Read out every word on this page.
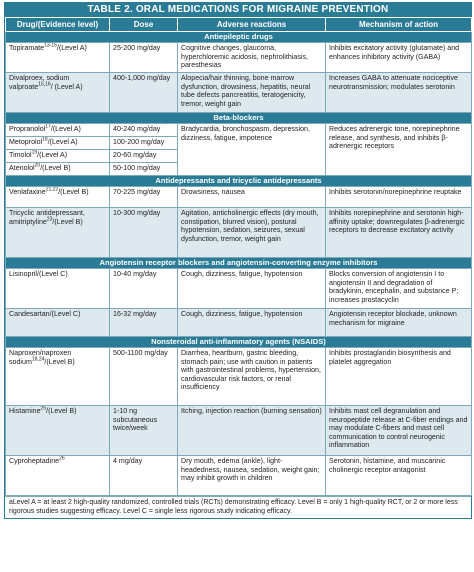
TABLE 2. ORAL MEDICATIONS FOR MIGRAINE PREVENTION
Drug/(Evidence level)	Dose	Adverse reactions	Mechanism of action
Antiepileptic drugs			
Topiramate$^{13-15}$/(Level A)	25-200 mg/day	Cognitive changes, glaucoma, hyperchloremic acidosis, nephrolithiasis, paresthesias	Inhibits excitatory activity (glutamate) and enhances inhibitory activity (GABA)
Divalproex, sodium valproate$^{15,16}$/ (Level A)	400-1,000 mg/day	Alopecia/hair thinning, bone marrow dysfunction, drowsiness, hepatitis, neural tube defects pancreatitis, teratogenicity, tremor, weight gain	Increases GABA to attenuate nociceptive neurotransmission; modulates serotonin
Beta-blockers			
Propranolol$^{17}$/(Level A)	40-240 mg/day	Bradycardia, bronchospasm, depression, dizziness, fatigue, impotence	Reduces adrenergic tone, norepinephrine release, and synthesis, and inhibits β-adrenergic receptors
Metoprolol$^{18}$/(Level A)	100-200 mg/day		
Timolol$^{19}$/(Level A)	20-60 mg/day		
Atenolol$^{20}$/(Level B)	50-100 mg/day		
Antidepressants and tricyclic antidepressants			
Venlafaxine$^{21,22}$/(Level B)	70-225 mg/day	Drowsiness, nausea	Inhibits serotonin/norepinephrine reuptake
Tricyclic antidepressant, amitriptyline$^{23}$/(Level B)	10-300 mg/day	Agitation, anticholinergic effects (dry mouth, constipation, blurred vision), postural hypotension, sedation, seizures, sexual dysfunction, tremor, weight gain	Inhibits norepinephrine and serotonin high-affinity uptake; downregulates β-adrenergic receptors to decrease excitatory activity
Angiotensin receptor blockers and angiotensin-converting enzyme inhibitors			
Lisinopril/(Level C)	10-40 mg/day	Cough, dizziness, fatigue, hypotension	Blocks conversion of angiotensin I to angiotensin II and degradation of bradykinin, encephalin, and substance P; increases prostacyclin
Candesartan/(Level C)	16-32 mg/day	Cough, dizziness, fatigue, hypotension	Angiotensin receptor blockade, unknown mechanism for migraine
Nonsteroidal anti-inflammatory agents (NSAIDS)			
Naproxen/naproxen sodium$^{18,24}$/(Level B)	500-1100 mg/day	Diarrhea, heartburn, gastric bleeding, stomach pain; use with caution in patients with gastrointestinal problems, hypertension, cardiovascular risk factors, or renal insufficiency	Inhibits prostaglandin biosynthesis and platelet aggregation
Histamine$^{25}$/(Level B)	1-10 ng subcutaneous twice/week	Itching, injection reaction (burning sensation)	Inhibits mast cell degranulation and neuropeptide release at C-fiber endings and may modulate C-fibers and mast cell communication to control neurogenic inflammation
Cyproheptadine$^{26}$	4 mg/day	Dry mouth, edema (ankle), light-headedness, nausea, sedation, weight gain; may inhibit growth in children	Serotonin, histamine, and muscarinic cholinergic receptor antagonist
aLevel A = at least 2 high-quality randomized, controlled trials (RCTs) demonstrating efficacy. Level B = only 1 high-quality RCT, or 2 or more less rigorous studies suggesting efficacy. Level C = single less rigorous study indicating efficacy.
